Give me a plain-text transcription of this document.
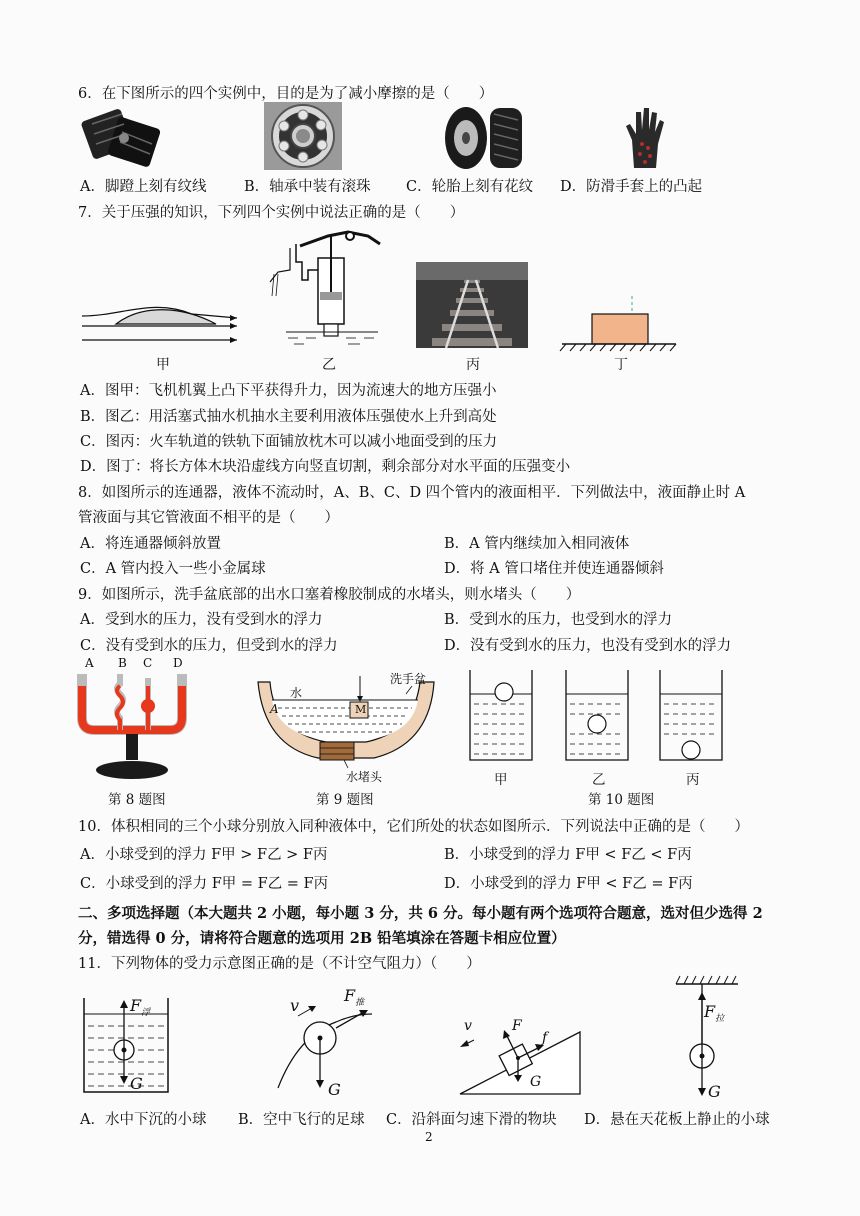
6．在下图所示的四个实例中，目的是为了减小摩擦的是（　　）
A．脚蹬上刻有纹线	B．轴承中装有滚珠 C．轮胎上刻有花纹 D．防滑手套上的凸起
7．关于压强的知识，下列四个实例中说法正确的是（　　）
甲	乙	丙	丁
A．图甲：飞机机翼上凸下平获得升力，因为流速大的地方压强小
B．图乙：用活塞式抽水机抽水主要利用液体压强使水上升到高处
C．图丙：火车轨道的铁轨下面铺放枕木可以减小地面受到的压力
D．图丁：将长方体木块沿虚线方向竖直切割，剩余部分对水平面的压强变小
8．如图所示的连通器，液体不流动时，A、B、C、D 四个管内的液面相平．下列做法中，液面静止时 A
管液面与其它管液面不相平的是（　　）
A．将连通器倾斜放置	B．A 管内继续加入相同液体
C．A 管内投入一些小金属球	D．将 A 管口堵住并使连通器倾斜
9．如图所示，洗手盆底部的出水口塞着橡胶制成的水堵头，则水堵头（　　）
A．受到水的压力，没有受到水的浮力	B．受到水的压力，也受到水的浮力
C．没有受到水的压力，但受到水的浮力	D．没有受到水的压力，也没有受到水的浮力
A B C D
第 8 题图
水
洗手盆
A	M
水堵头
第 9 题图
甲	乙	丙
第 10 题图
10．体积相同的三个小球分别放入同种液体中，它们所处的状态如图所示．下列说法中正确的是（　　）
A．小球受到的浮力 F甲 > F乙 > F丙	B．小球受到的浮力 F甲 < F乙 < F丙
C．小球受到的浮力 F甲 = F乙 = F丙	D．小球受到的浮力 F甲 < F乙 = F丙
二、多项选择题（本大题共 2 小题，每小题 3 分，共 6 分。每小题有两个选项符合题意，选对但少选得 2
分，错选得 0 分，请将符合题意的选项用 2B 铅笔填涂在答题卡相应位置）
11．下列物体的受力示意图正确的是（不计空气阻力）（　　）
$F_浮$
G
v
$F_推$
G
v	F
f
G
$F_拉$
G
A．水中下沉的小球 B．空中飞行的足球 C．沿斜面匀速下滑的物块 D．悬在天花板上静止的小球
2
